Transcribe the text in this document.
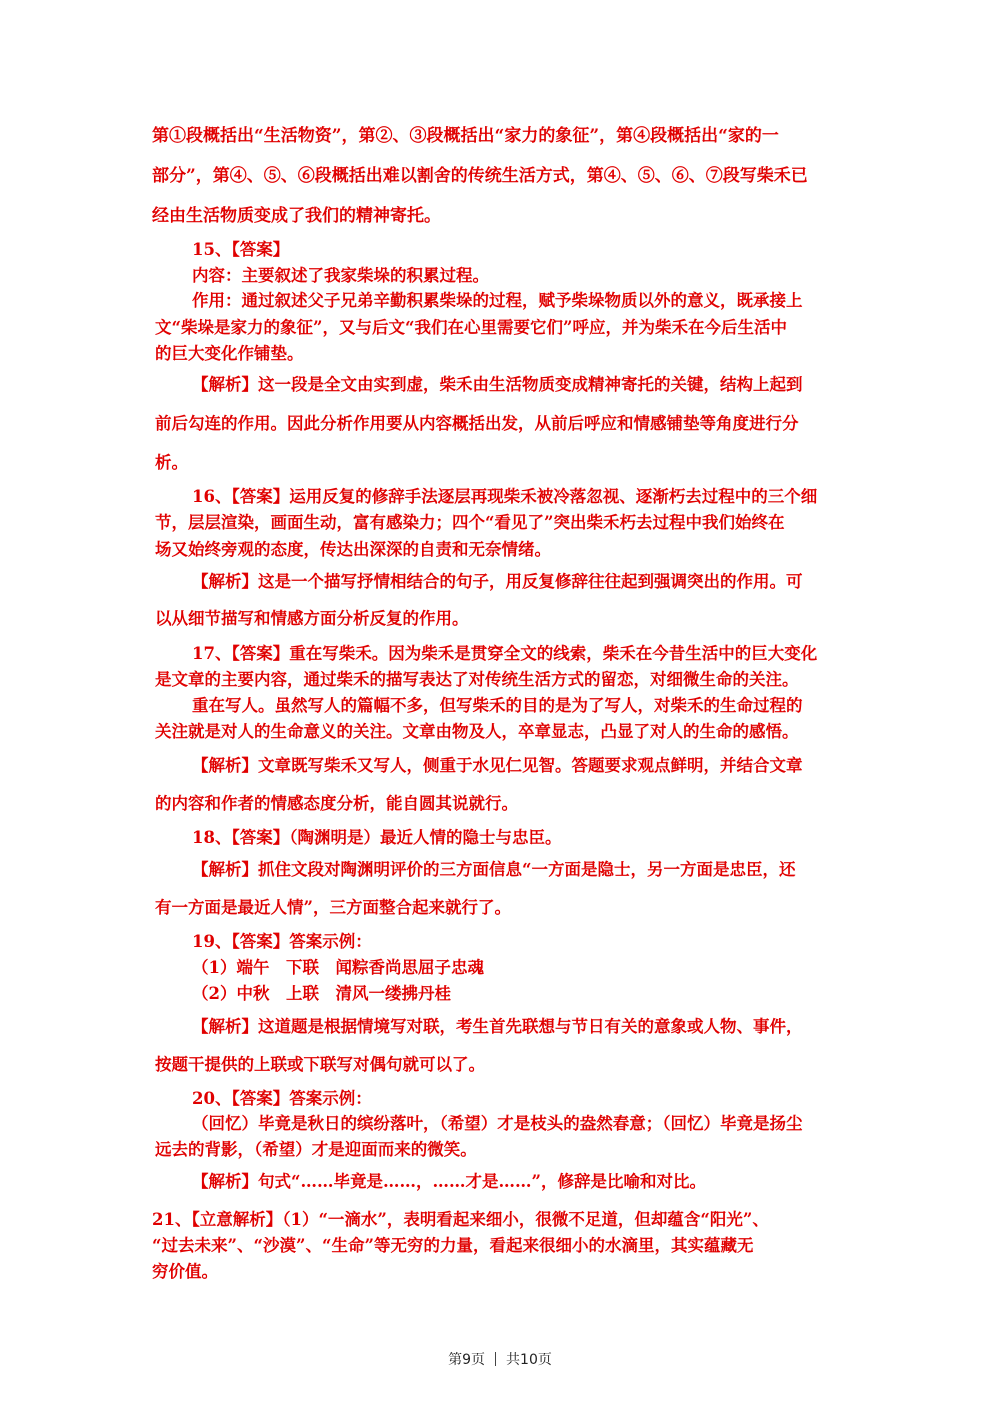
第①段概括出“生活物资”，第②、③段概括出“家力的象征”，第④段概括出“家的一
部分”，第④、⑤、⑥段概括出难以割舍的传统生活方式，第④、⑤、⑥、⑦段写柴禾已
经由生活物质变成了我们的精神寄托。
15、【答案】
内容：主要叙述了我家柴垛的积累过程。
作用：通过叙述父子兄弟辛勤积累柴垛的过程，赋予柴垛物质以外的意义，既承接上
文“柴垛是家力的象征”，又与后文“我们在心里需要它们”呼应，并为柴禾在今后生活中
的巨大变化作铺垫。
【解析】这一段是全文由实到虚，柴禾由生活物质变成精神寄托的关键，结构上起到
前后勾连的作用。因此分析作用要从内容概括出发，从前后呼应和情感铺垫等角度进行分
析。
16、【答案】运用反复的修辞手法逐层再现柴禾被冷落忽视、逐渐朽去过程中的三个细
节，层层渲染，画面生动，富有感染力；四个“看见了”突出柴禾朽去过程中我们始终在
场又始终旁观的态度，传达出深深的自责和无奈情绪。
【解析】这是一个描写抒情相结合的句子，用反复修辞往往起到强调突出的作用。可
以从细节描写和情感方面分析反复的作用。
17、【答案】重在写柴禾。因为柴禾是贯穿全文的线索，柴禾在今昔生活中的巨大变化
是文章的主要内容，通过柴禾的描写表达了对传统生活方式的留恋，对细微生命的关注。
重在写人。虽然写人的篇幅不多，但写柴禾的目的是为了写人，对柴禾的生命过程的
关注就是对人的生命意义的关注。文章由物及人，卒章显志，凸显了对人的生命的感悟。
【解析】文章既写柴禾又写人，侧重于水见仁见智。答题要求观点鲜明，并结合文章
的内容和作者的情感态度分析，能自圆其说就行。
18、【答案】（陶渊明是）最近人情的隐士与忠臣。
【解析】抓住文段对陶渊明评价的三方面信息“一方面是隐士，另一方面是忠臣，还
有一方面是最近人情”，三方面整合起来就行了。
19、【答案】答案示例：
（1）端午　下联　闻粽香尚思屈子忠魂
（2）中秋　上联　清风一缕拂丹桂
【解析】这道题是根据情境写对联，考生首先联想与节日有关的意象或人物、事件，
按题干提供的上联或下联写对偶句就可以了。
20、【答案】答案示例：
（回忆）毕竟是秋日的缤纷落叶，（希望）才是枝头的盎然春意；（回忆）毕竟是扬尘
远去的背影，（希望）才是迎面而来的微笑。
【解析】句式“……毕竟是……，……才是……”，修辞是比喻和对比。
21、【立意解析】（1）“一滴水”，表明看起来细小，很微不足道，但却蕴含“阳光”、
“过去未来”、“沙漠”、“生命”等无穷的力量，看起来很细小的水滴里，其实蕴藏无
穷价值。
第9页 共10页
